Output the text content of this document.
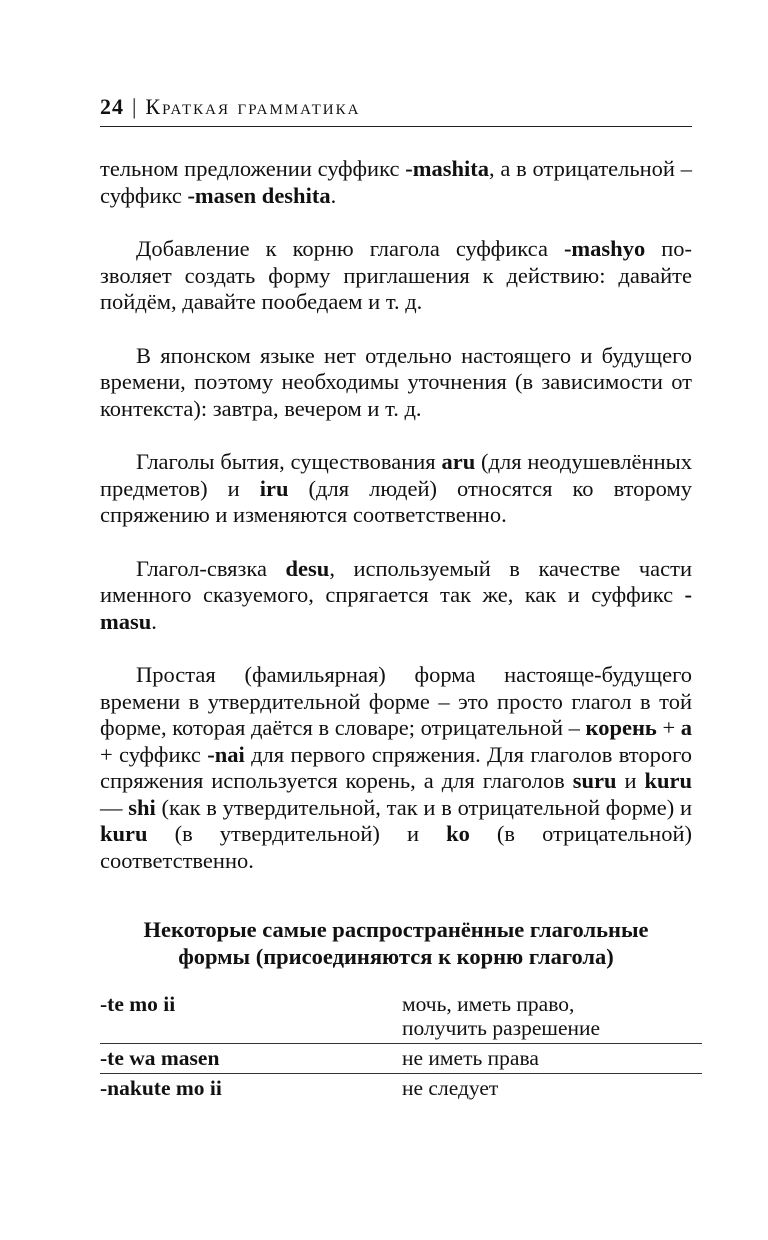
24 | Краткая грамматика

тельном предложении суффикс -mashita, а в отрицательной – суффикс -masen deshita.

Добавление к корню глагола суффикса -mashyo позволяет создать форму приглашения к действию: давайте пойдём, давайте пообедаем и т. д.

В японском языке нет отдельно настоящего и будущего времени, поэтому необходимы уточнения (в зависимости от контекста): завтра, вечером и т. д.

Глаголы бытия, существования aru (для неодушевлённых предметов) и iru (для людей) относятся ко второму спряжению и изменяются соответственно.

Глагол-связка desu, используемый в качестве части именного сказуемого, спрягается так же, как и суффикс -masu.

Простая (фамильярная) форма настояще-будущего времени в утвердительной форме – это просто глагол в той форме, которая даётся в словаре; отрицательной – корень + a + суффикс -nai для первого спряжения. Для глаголов второго спряжения используется корень, а для глаголов suru и kuru — shi (как в утвердительной, так и в отрицательной форме) и kuru (в утвердительной) и ko (в отрицательной) соответственно.

Некоторые самые распространённые глагольные
формы (присоединяются к корню глагола)
-te mo ii	мочь, иметь право,
получить разрешение
-te wa masen	не иметь права
-nakute mo ii	не следует
